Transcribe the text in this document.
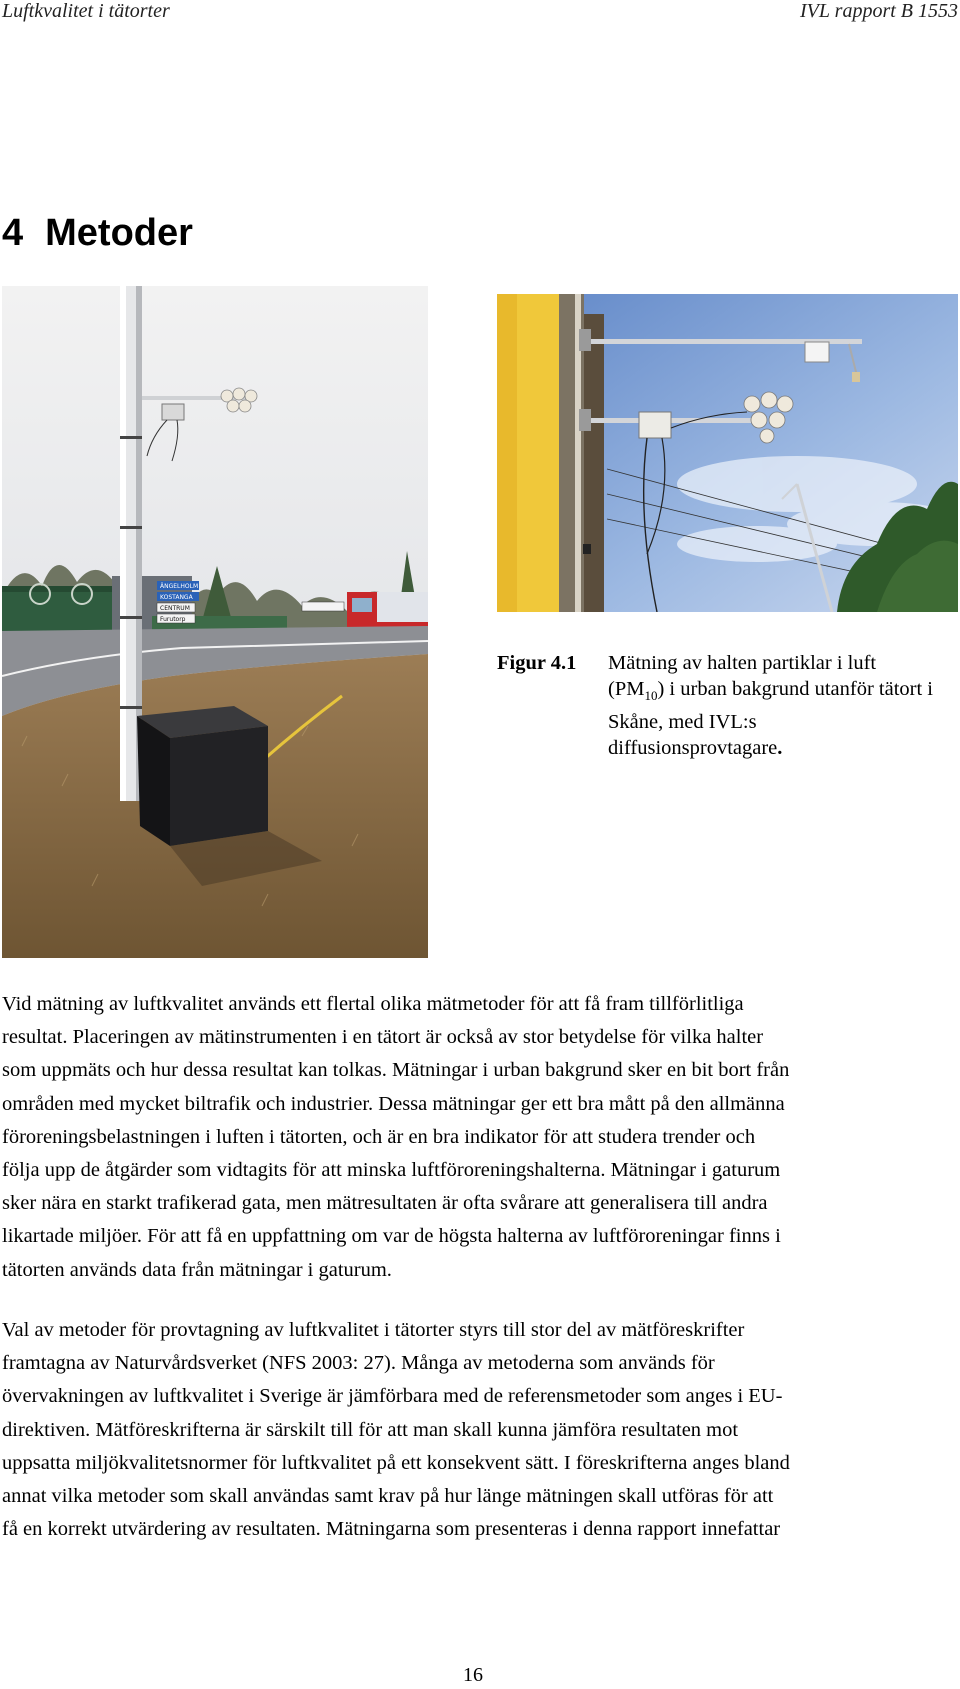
Luftkvalitet i tätorter	IVL rapport B 1553
4 Metoder
ÄNGELHOLM
KOSTANGA
CENTRUM
Furutorp
Figur 4.1 Mätning av halten partiklar i luft
$(PM_{10})$ i urban bakgrund utanför tätort i
Skåne, med IVL:s
diffusionsprovtagare.
Vid mätning av luftkvalitet används ett flertal olika mätmetoder för att få fram tillförlitliga
resultat. Placeringen av mätinstrumenten i en tätort är också av stor betydelse för vilka halter
som uppmäts och hur dessa resultat kan tolkas. Mätningar i urban bakgrund sker en bit bort från
områden med mycket biltrafik och industrier. Dessa mätningar ger ett bra mått på den allmänna
föroreningsbelastningen i luften i tätorten, och är en bra indikator för att studera trender och
följa upp de åtgärder som vidtagits för att minska luftföroreningshalterna. Mätningar i gaturum
sker nära en starkt trafikerad gata, men mätresultaten är ofta svårare att generalisera till andra
likartade miljöer. För att få en uppfattning om var de högsta halterna av luftföroreningar finns i
tätorten används data från mätningar i gaturum.
Val av metoder för provtagning av luftkvalitet i tätorter styrs till stor del av mätföreskrifter
framtagna av Naturvårdsverket (NFS 2003: 27). Många av metoderna som används för
övervakningen av luftkvalitet i Sverige är jämförbara med de referensmetoder som anges i EU-
direktiven. Mätföreskrifterna är särskilt till för att man skall kunna jämföra resultaten mot
uppsatta miljökvalitetsnormer för luftkvalitet på ett konsekvent sätt. I föreskrifterna anges bland
annat vilka metoder som skall användas samt krav på hur länge mätningen skall utföras för att
få en korrekt utvärdering av resultaten. Mätningarna som presenteras i denna rapport innefattar
16
